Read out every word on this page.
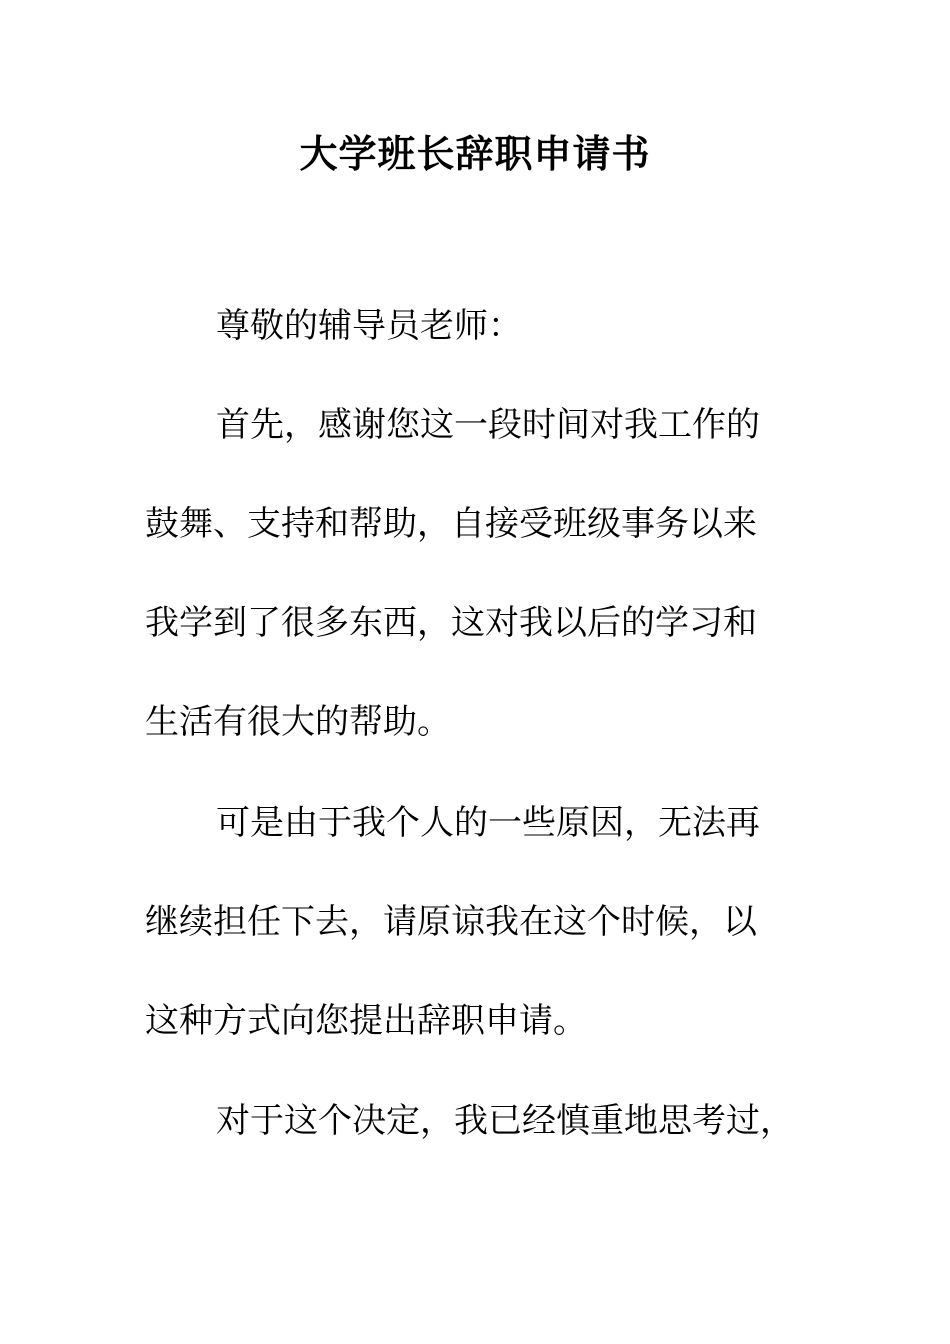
大学班长辞职申请书
尊敬的辅导员老师：
首先，感谢您这一段时间对我工作的
鼓舞、支持和帮助，自接受班级事务以来
我学到了很多东西，这对我以后的学习和
生活有很大的帮助。
可是由于我个人的一些原因，无法再
继续担任下去，请原谅我在这个时候，以
这种方式向您提出辞职申请。
对于这个决定，我已经慎重地思考过，
